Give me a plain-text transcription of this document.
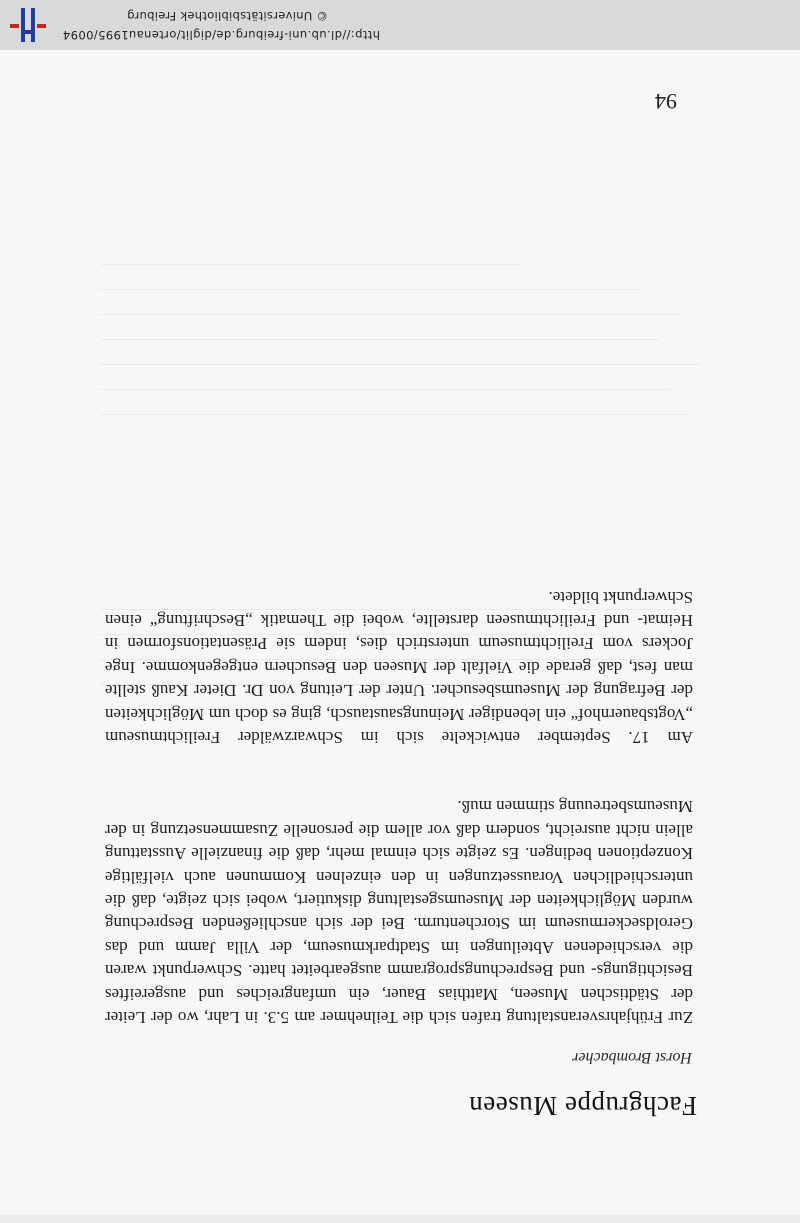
Fachgruppe Museen
Horst Brombacher
Zur Frühjahrsveranstaltung trafen sich die Teilnehmer am 5.3. in Lahr, wo der Leiter der Städtischen Museen, Matthias Bauer, ein umfangreiches und ausgereiftes Besichtigungs- und Besprechungsprogramm ausgearbeitet hatte. Schwerpunkt waren die verschiedenen Abteilungen im Stadtparkmuseum, der Villa Jamm und das Geroldseckermuseum im Storchenturm. Bei der sich anschließenden Besprechung wurden Möglichkeiten der Museumsgestaltung diskutiert, wobei sich zeigte, daß die unterschiedlichen Voraussetzungen in den einzelnen Kommunen auch vielfältige Konzeptionen bedingen. Es zeigte sich einmal mehr, daß die finanzielle Ausstattung allein nicht ausreicht, sondern daß vor allem die personelle Zusammensetzung in der Museumsbetreuung stimmen muß.
Am 17. September entwickelte sich im Schwarzwälder Freilichtmuseum „Vogtsbauernhof“ ein lebendiger Meinungsaustausch, ging es doch um Möglichkeiten der Befragung der Museumsbesucher. Unter der Leitung von Dr. Dieter Kauß stellte man fest, daß gerade die Vielfalt der Museen den Besuchern entgegenkomme. Inge Jockers vom Freilichtmuseum unterstrich dies, indem sie Präsentationsformen in Heimat- und Freilichtmuseen darstellte, wobei die Thematik „Beschriftung“ einen Schwerpunkt bildete.
94
http://dl.ub.uni-freiburg.de/diglit/ortenau1995/0094
© Universitätsbibliothek Freiburg
